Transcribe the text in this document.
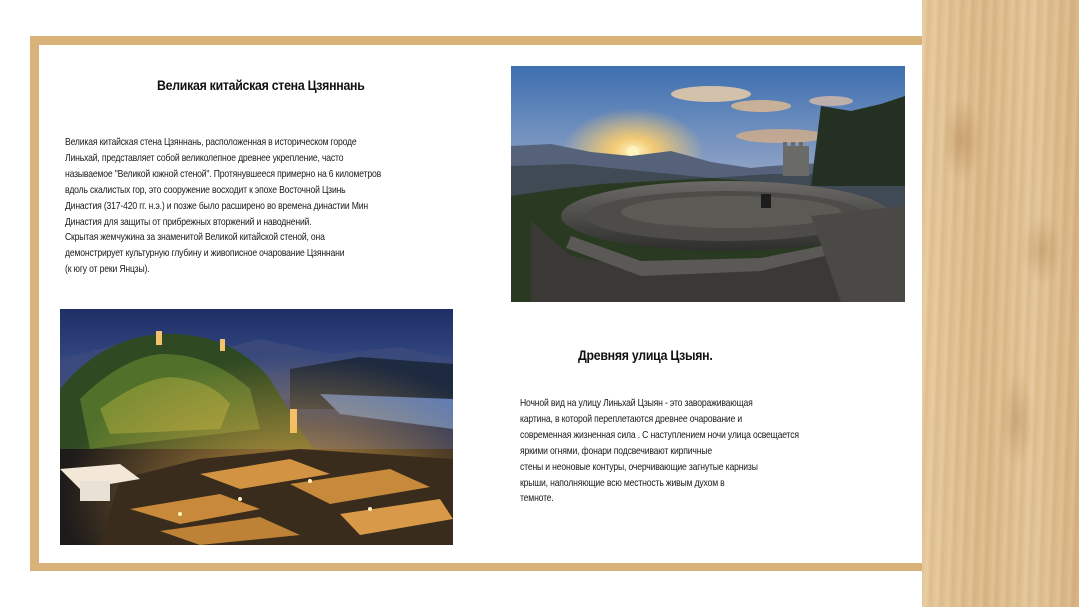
Великая китайская стена Цзяннань

Великая китайская стена Цзяннань, расположенная в историческом городе
Линьхай, представляет собой великолепное древнее укрепление, часто
называемое "Великой южной стеной". Протянувшееся примерно на 6 километров
вдоль скалистых гор, это сооружение восходит к эпохе Восточной Цзинь
Династия (317-420 гг. н.э.) и позже было расширено во времена династии Мин
Династия для защиты от прибрежных вторжений и наводнений.
Скрытая жемчужина за знаменитой Великой китайской стеной, она
демонстрирует культурную глубину и живописное очарование Цзяннани
(к югу от реки Янцзы).

Древняя улица Цзыян.

Ночной вид на улицу Линьхай Цзыян - это завораживающая
картина, в которой переплетаются древнее очарование и
современная жизненная сила . С наступлением ночи улица освещается
яркими огнями, фонари подсвечивают кирпичные
стены и неоновые контуры, очерчивающие загнутые карнизы
крыши, наполняющие всю местность живым духом в
темноте.
